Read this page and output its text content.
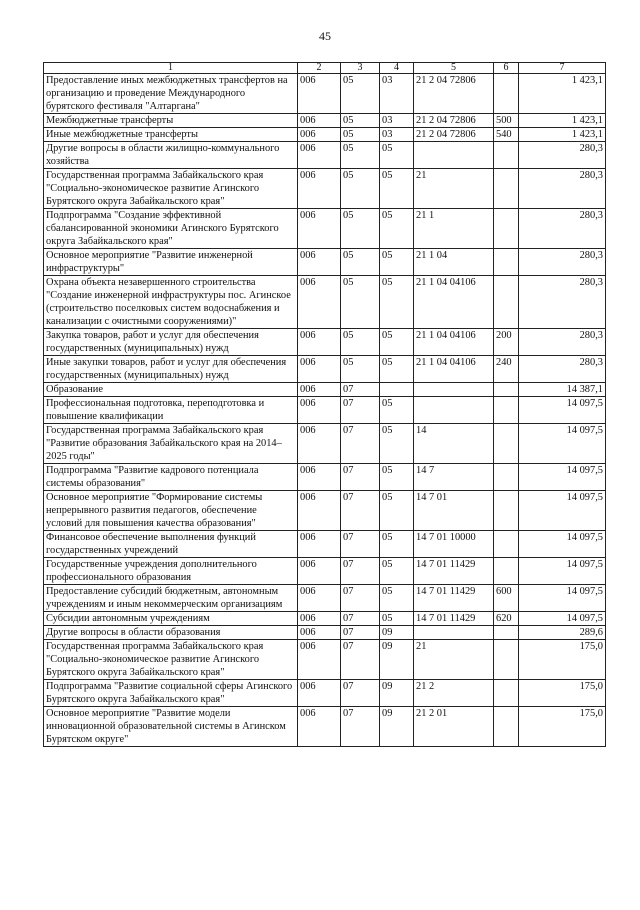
45
1	2	3	4	5	6	7
Предоставление иных межбюджетных трансфертов на организацию и проведение Международного бурятского фестиваля "Алтаргана"	006	05	03	21 2 04 72806		1 423,1
Межбюджетные трансферты	006	05	03	21 2 04 72806	500	1 423,1
Иные межбюджетные трансферты	006	05	03	21 2 04 72806	540	1 423,1
Другие вопросы в области жилищно-коммунального хозяйства	006	05	05			280,3
Государственная программа Забайкальского края "Социально-экономическое развитие Агинского Бурятского округа Забайкальского края"	006	05	05	21		280,3
Подпрограмма "Создание эффективной сбалансированной экономики Агинского Бурятского округа Забайкальского края"	006	05	05	21 1		280,3
Основное мероприятие "Развитие инженерной инфраструктуры"	006	05	05	21 1 04		280,3
Охрана объекта незавершенного строительства "Создание инженерной инфраструктуры пос. Агинское (строительство поселковых систем водоснабжения и канализации с очистными сооружениями)"	006	05	05	21 1 04 04106		280,3
Закупка товаров, работ и услуг для обеспечения государственных (муниципальных) нужд	006	05	05	21 1 04 04106	200	280,3
Иные закупки товаров, работ и услуг для обеспечения государственных (муниципальных) нужд	006	05	05	21 1 04 04106	240	280,3
Образование	006	07				14 387,1
Профессиональная подготовка, переподготовка и повышение квалификации	006	07	05			14 097,5
Государственная программа Забайкальского края "Развитие образования Забайкальского края на 2014–2025 годы"	006	07	05	14		14 097,5
Подпрограмма "Развитие кадрового потенциала системы образования"	006	07	05	14 7		14 097,5
Основное мероприятие "Формирование системы непрерывного развития педагогов, обеспечение условий для повышения качества образования"	006	07	05	14 7 01		14 097,5
Финансовое обеспечение выполнения функций государственных учреждений	006	07	05	14 7 01 10000		14 097,5
Государственные учреждения дополнительного профессионального образования	006	07	05	14 7 01 11429		14 097,5
Предоставление субсидий бюджетным, автономным учреждениям и иным некоммерческим организациям	006	07	05	14 7 01 11429	600	14 097,5
Субсидии автономным учреждениям	006	07	05	14 7 01 11429	620	14 097,5
Другие вопросы в области образования	006	07	09			289,6
Государственная программа Забайкальского края "Социально-экономическое развитие Агинского Бурятского округа Забайкальского края"	006	07	09	21		175,0
Подпрограмма "Развитие социальной сферы Агинского Бурятского округа Забайкальского края"	006	07	09	21 2		175,0
Основное мероприятие "Развитие модели инновационной образовательной системы в Агинском Бурятском округе"	006	07	09	21 2 01		175,0
